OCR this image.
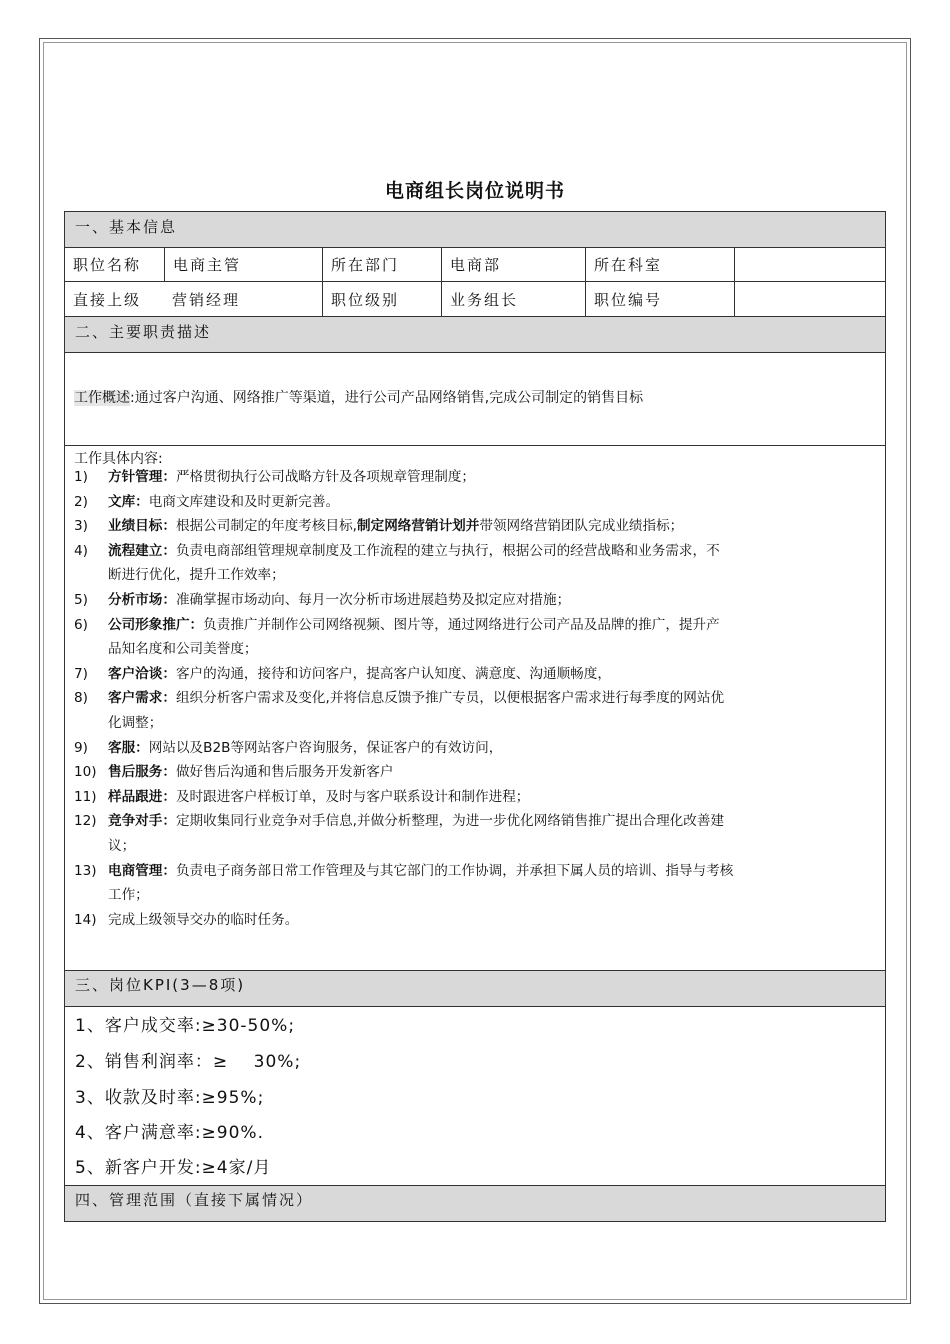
电商组长岗位说明书
一、基本信息
职位名称	电商主管	所在部门	电商部	所在科室
直接上级	营销经理	职位级别	业务组长	职位编号
二、主要职责描述
工作概述:通过客户沟通、网络推广等渠道，进行公司产品网络销售,完成公司制定的销售目标
工作具体内容:
1)	方针管理：严格贯彻执行公司战略方针及各项规章管理制度；
2)	文库：电商文库建设和及时更新完善。
3)	业绩目标：根据公司制定的年度考核目标,制定网络营销计划并带领网络营销团队完成业绩指标；
4)	流程建立：负责电商部组管理规章制度及工作流程的建立与执行，根据公司的经营战略和业务需求，不
断进行优化，提升工作效率；
5)	分析市场：准确掌握市场动向、每月一次分析市场进展趋势及拟定应对措施；
6)	公司形象推广：负责推广并制作公司网络视频、图片等，通过网络进行公司产品及品牌的推广，提升产
品知名度和公司美誉度；
7)	客户洽谈：客户的沟通，接待和访问客户，提高客户认知度、满意度、沟通顺畅度，
8)	客户需求：组织分析客户需求及变化,并将信息反馈予推广专员，以便根据客户需求进行每季度的网站优
化调整；
9)	客服：网站以及B2B等网站客户咨询服务，保证客户的有效访问，
10) 售后服务：做好售后沟通和售后服务开发新客户
11) 样品跟进：及时跟进客户样板订单，及时与客户联系设计和制作进程；
12) 竞争对手：定期收集同行业竞争对手信息,并做分析整理，为进一步优化网络销售推广提出合理化改善建
议；
13) 电商管理：负责电子商务部日常工作管理及与其它部门的工作协调，并承担下属人员的培训、指导与考核
工作；
14) 完成上级领导交办的临时任务。
三、岗位KPI(3—8项)
1、客户成交率:≥30-50%;
2、销售利润率：≥    30%;
3、收款及时率:≥95%;
4、客户满意率:≥90%.
5、新客户开发:≥4家/月
四、管理范围（直接下属情况）
